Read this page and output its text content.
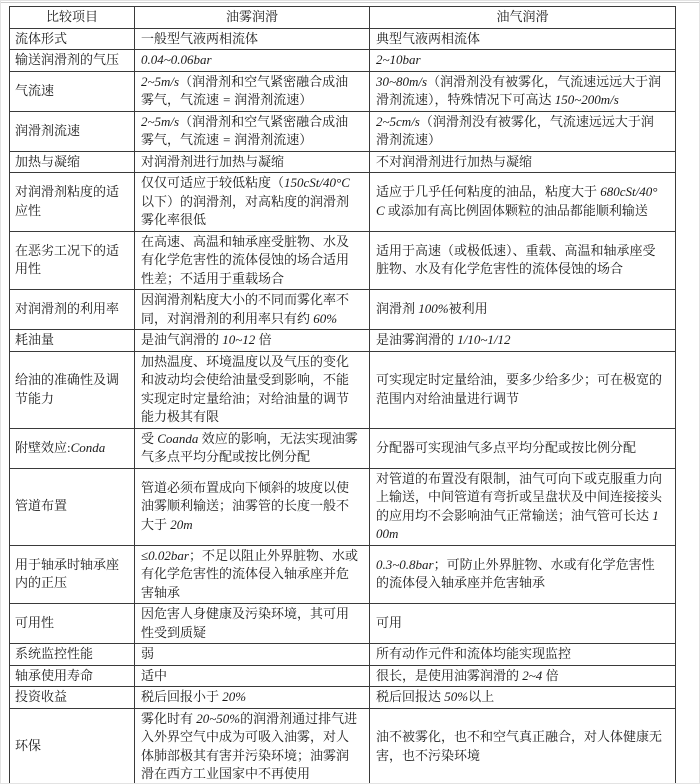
比较项目	油雾润滑	油气润滑
流体形式	一般型气液两相流体	典型气液两相流体
输送润滑剂的气压	0.04~0.06bar	2~10bar
气流速	2~5m/s（润滑剂和空气紧密融合成油雾气，气流速 = 润滑剂流速）	30~80m/s（润滑剂没有被雾化，气流速远远大于润滑剂流速），特殊情况下可高达 150~200m/s
润滑剂流速	2~5m/s（润滑剂和空气紧密融合成油雾气，气流速 = 润滑剂流速）	2~5cm/s（润滑剂没有被雾化，气流速远远大于润滑剂流速）
加热与凝缩	对润滑剂进行加热与凝缩	不对润滑剂进行加热与凝缩
对润滑剂粘度的适应性	仅仅可适应于较低粘度（150cSt/40°C 以下）的润滑剂，对高粘度的润滑剂雾化率很低	适应于几乎任何粘度的油品，粘度大于 680cSt/40°C 或添加有高比例固体颗粒的油品都能顺利输送
在恶劣工况下的适用性	在高速、高温和轴承座受脏物、水及有化学危害性的流体侵蚀的场合适用性差；不适用于重载场合	适用于高速（或极低速）、重载、高温和轴承座受脏物、水及有化学危害性的流体侵蚀的场合
对润滑剂的利用率	因润滑剂粘度大小的不同而雾化率不同，对润滑剂的利用率只有约 60%	润滑剂 100%被利用
耗油量	是油气润滑的 10~12 倍	是油雾润滑的 1/10~1/12
给油的准确性及调节能力	加热温度、环境温度以及气压的变化和波动均会使给油量受到影响，不能实现定时定量给油；对给油量的调节能力极其有限	可实现定时定量给油，要多少给多少；可在极宽的范围内对给油量进行调节
附壁效应:Conda	受 Coanda 效应的影响，无法实现油雾气多点平均分配或按比例分配	分配器可实现油气多点平均分配或按比例分配
管道布置	管道必须布置成向下倾斜的坡度以使油雾顺利输送；油雾管的长度一般不大于 20m	对管道的布置没有限制，油气可向下或克服重力向上输送，中间管道有弯折或呈盘状及中间连接接头的应用均不会影响油气正常输送；油气管可长达 100m
用于轴承时轴承座内的正压	≤0.02bar；不足以阻止外界脏物、水或有化学危害性的流体侵入轴承座并危害轴承	0.3~0.8bar；可防止外界脏物、水或有化学危害性的流体侵入轴承座并危害轴承
可用性	因危害人身健康及污染环境，其可用性受到质疑	可用
系统监控性能	弱	所有动作元件和流体均能实现监控
轴承使用寿命	适中	很长，是使用油雾润滑的 2~4 倍
投资收益	税后回报小于 20%	税后回报达 50%以上
环保	雾化时有 20~50%的润滑剂通过排气进入外界空气中成为可吸入油雾，对人体肺部极其有害并污染环境；油雾润滑在西方工业国家中不再使用	油不被雾化，也不和空气真正融合，对人体健康无害，也不污染环境
